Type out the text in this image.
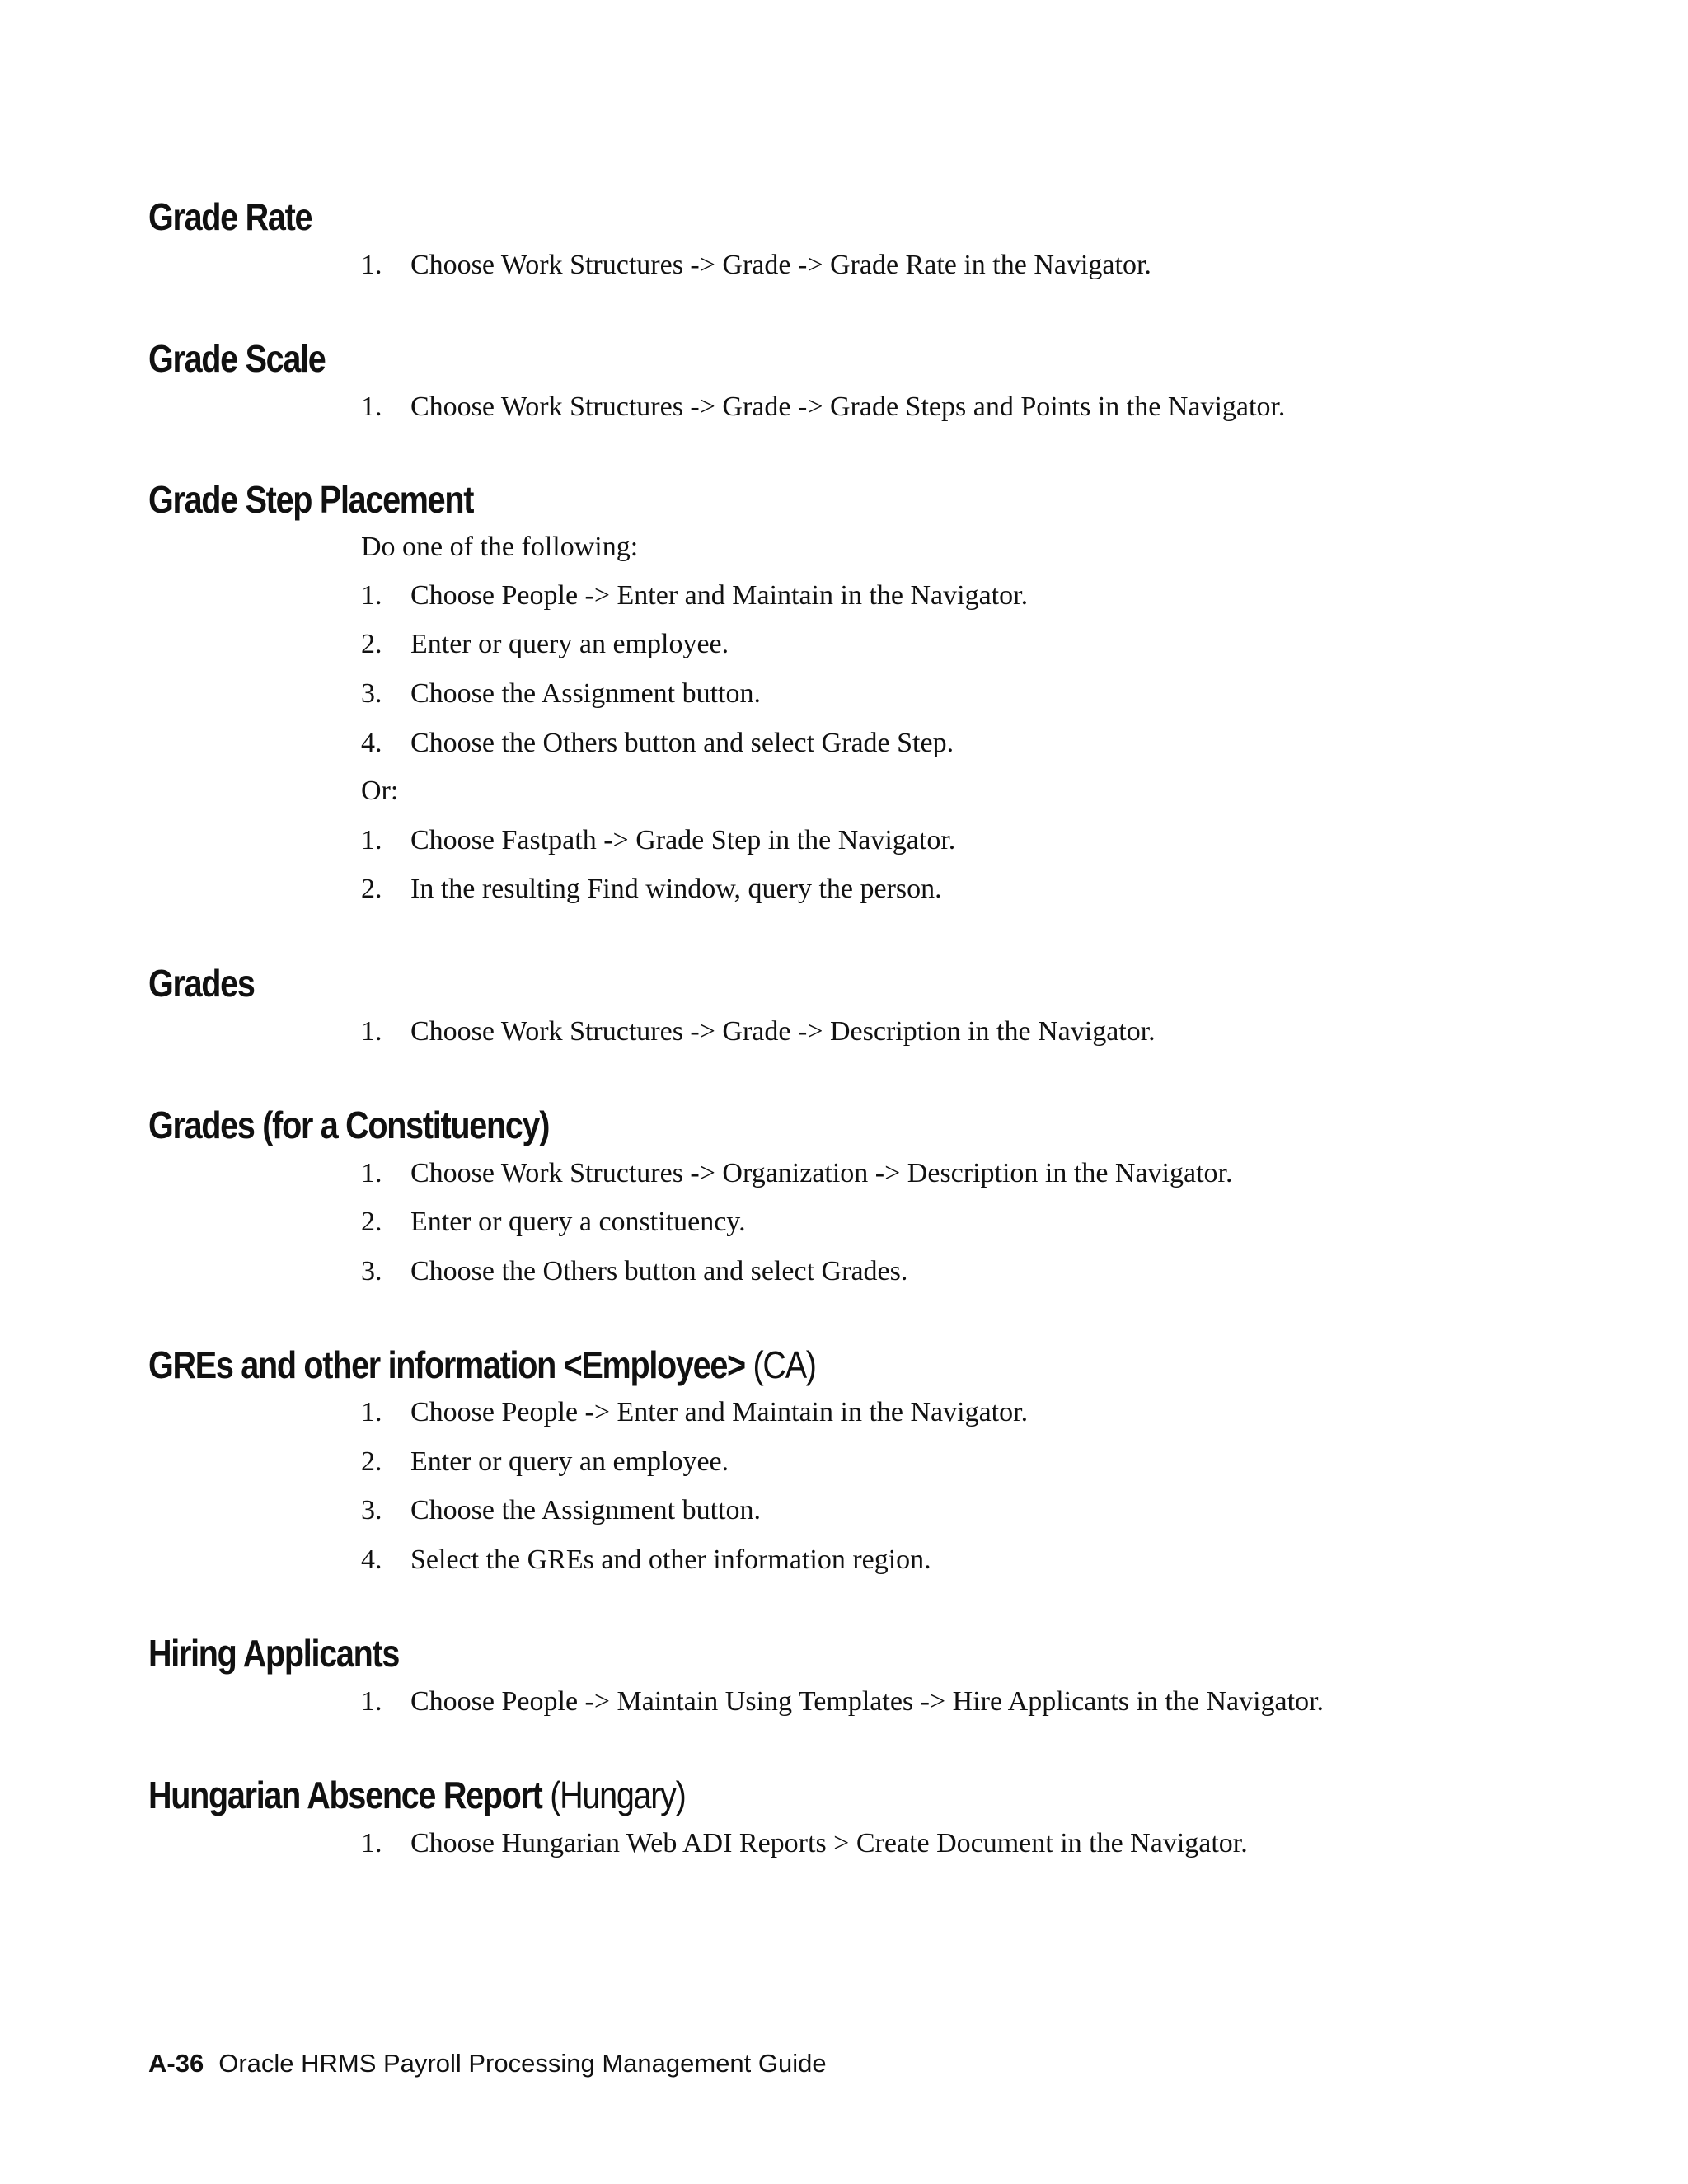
Grade Rate
1. Choose Work Structures -> Grade -> Grade Rate in the Navigator.
Grade Scale
1. Choose Work Structures -> Grade -> Grade Steps and Points in the Navigator.
Grade Step Placement
Do one of the following:
1. Choose People -> Enter and Maintain in the Navigator.
2. Enter or query an employee.
3. Choose the Assignment button.
4. Choose the Others button and select Grade Step.
Or:
1. Choose Fastpath -> Grade Step in the Navigator.
2. In the resulting Find window, query the person.
Grades
1. Choose Work Structures -> Grade -> Description in the Navigator.
Grades (for a Constituency)
1. Choose Work Structures -> Organization -> Description in the Navigator.
2. Enter or query a constituency.
3. Choose the Others button and select Grades.
GREs and other information <Employee> (CA)
1. Choose People -> Enter and Maintain in the Navigator.
2. Enter or query an employee.
3. Choose the Assignment button.
4. Select the GREs and other information region.
Hiring Applicants
1. Choose People -> Maintain Using Templates -> Hire Applicants in the Navigator.
Hungarian Absence Report (Hungary)
1. Choose Hungarian Web ADI Reports > Create Document in the Navigator.
A-36 Oracle HRMS Payroll Processing Management Guide
